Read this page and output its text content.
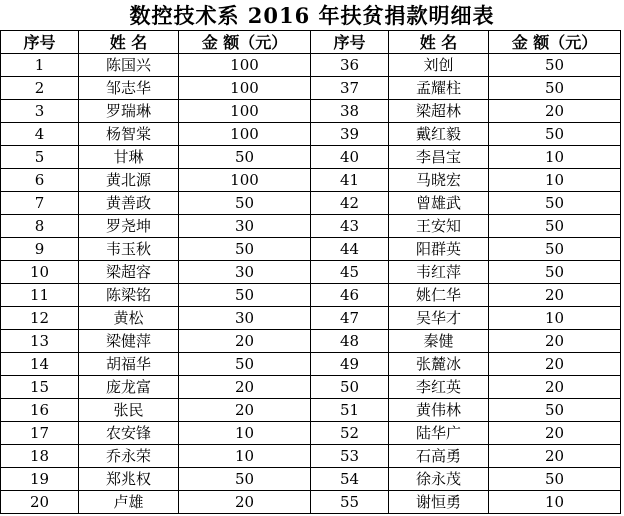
数控技术系 2016 年扶贫捐款明细表
序号	姓 名	金 额（元）	序号	姓 名	金 额（元）
1	陈国兴	100	36	刘创	50
2	邹志华	100	37	孟耀柱	50
3	罗瑞琳	100	38	梁超林	20
4	杨智棠	100	39	戴红毅	50
5	甘琳	50	40	李昌宝	10
6	黄北源	100	41	马晓宏	10
7	黄善政	50	42	曾雄武	50
8	罗尧坤	30	43	王安知	50
9	韦玉秋	50	44	阳群英	50
10	梁超容	30	45	韦红萍	50
11	陈梁铭	50	46	姚仁华	20
12	黄松	30	47	吴华才	10
13	梁健萍	20	48	秦健	20
14	胡福华	50	49	张麓冰	20
15	庞龙富	20	50	李红英	20
16	张民	20	51	黄伟林	50
17	农安锋	10	52	陆华广	20
18	乔永荣	10	53	石高勇	20
19	郑兆权	50	54	徐永茂	50
20	卢雄	20	55	谢恒勇	10
